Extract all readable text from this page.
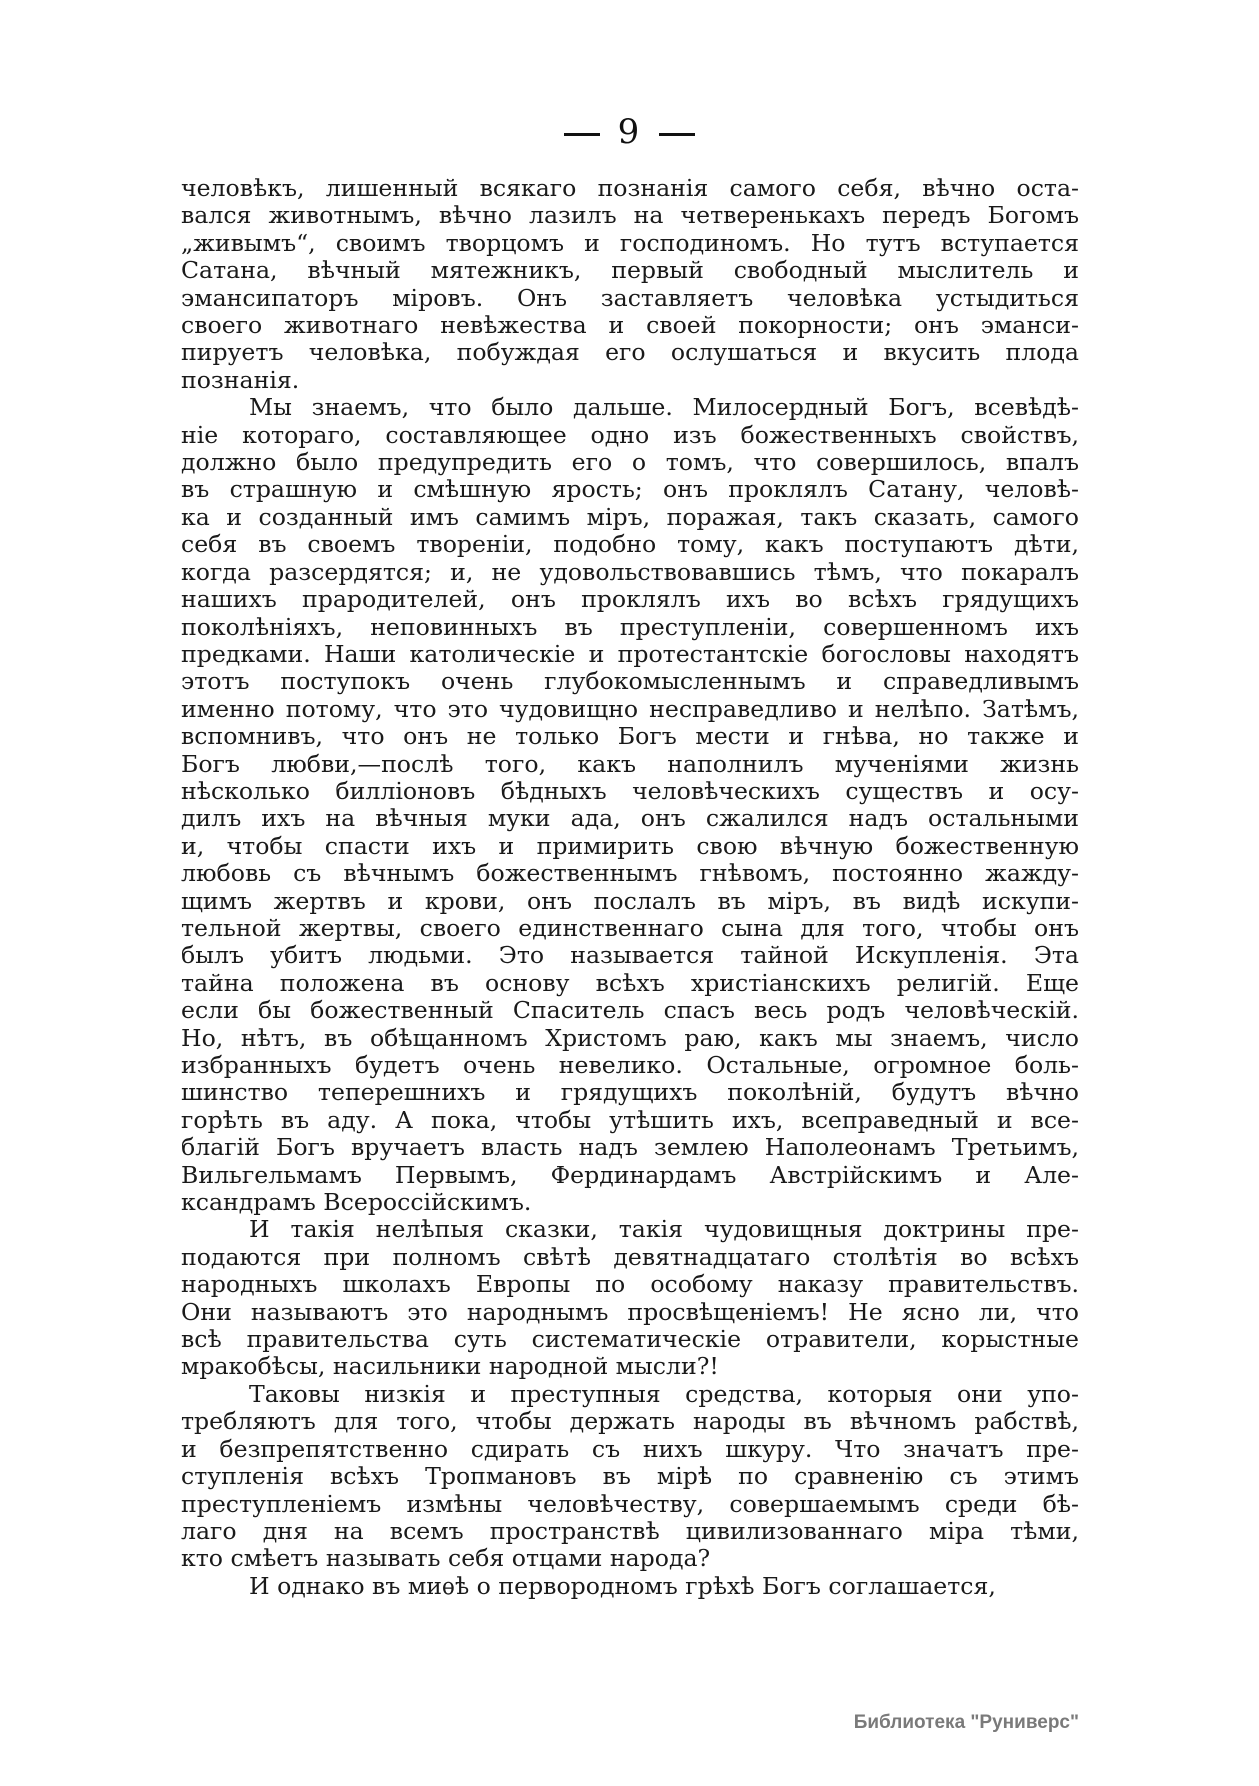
9
человѣкъ, лишенный всякаго познанія самого себя, вѣчно оста-
вался животнымъ, вѣчно лазилъ на четверенькахъ передъ Богомъ
„живымъ“, своимъ творцомъ и господиномъ. Но тутъ вступается
Сатана, вѣчный мятежникъ, первый свободный мыслитель и
эмансипаторъ міровъ. Онъ заставляетъ человѣка устыдиться
своего животнаго невѣжества и своей покорности; онъ эманси-
пируетъ человѣка, побуждая его ослушаться и вкусить плода
познанія.
Мы знаемъ, что было дальше. Милосердный Богъ, всевѣдѣ-
ніе котораго, составляющее одно изъ божественныхъ свойствъ,
должно было предупредить его о томъ, что совершилось, впалъ
въ страшную и смѣшную ярость; онъ проклялъ Сатану, человѣ-
ка и созданный имъ самимъ міръ, поражая, такъ сказать, самого
себя въ своемъ твореніи, подобно тому, какъ поступаютъ дѣти,
когда разсердятся; и, не удовольствовавшись тѣмъ, что покаралъ
нашихъ прародителей, онъ проклялъ ихъ во всѣхъ грядущихъ
поколѣніяхъ, неповинныхъ въ преступленіи, совершенномъ ихъ
предками. Наши католическіе и протестантскіе богословы находятъ
этотъ поступокъ очень глубокомысленнымъ и справедливымъ
именно потому, что это чудовищно несправедливо и нелѣпо. Затѣмъ,
вспомнивъ, что онъ не только Богъ мести и гнѣва, но также и
Богъ любви,—послѣ того, какъ наполнилъ мученіями жизнь
нѣсколько билліоновъ бѣдныхъ человѣческихъ существъ и осу-
дилъ ихъ на вѣчныя муки ада, онъ сжалился надъ остальными
и, чтобы спасти ихъ и примирить свою вѣчную божественную
любовь съ вѣчнымъ божественнымъ гнѣвомъ, постоянно жажду-
щимъ жертвъ и крови, онъ послалъ въ міръ, въ видѣ искупи-
тельной жертвы, своего единственнаго сына для того, чтобы онъ
былъ убитъ людьми. Это называется тайной Искупленія. Эта
тайна положена въ основу всѣхъ христіанскихъ религій. Еще
если бы божественный Спаситель спасъ весь родъ человѣческій.
Но, нѣтъ, въ обѣщанномъ Христомъ раю, какъ мы знаемъ, число
избранныхъ будетъ очень невелико. Остальные, огромное боль-
шинство теперешнихъ и грядущихъ поколѣній, будутъ вѣчно
горѣть въ аду. А пока, чтобы утѣшить ихъ, всеправедный и все-
благій Богъ вручаетъ власть надъ землею Наполеонамъ Третьимъ,
Вильгельмамъ Первымъ, Фердинардамъ Австрійскимъ и Але-
ксандрамъ Всероссійскимъ.
И такія нелѣпыя сказки, такія чудовищныя доктрины пре-
подаются при полномъ свѣтѣ девятнадцатаго столѣтія во всѣхъ
народныхъ школахъ Европы по особому наказу правительствъ.
Они называютъ это народнымъ просвѣщеніемъ! Не ясно ли, что
всѣ правительства суть систематическіе отравители, корыстные
мракобѣсы, насильники народной мысли?!
Таковы низкія и преступныя средства, которыя они упо-
требляютъ для того, чтобы держать народы въ вѣчномъ рабствѣ,
и безпрепятственно сдирать съ нихъ шкуру. Что значатъ пре-
ступленія всѣхъ Тропмановъ въ мірѣ по сравненію съ этимъ
преступленіемъ измѣны человѣчеству, совершаемымъ среди бѣ-
лаго дня на всемъ пространствѣ цивилизованнаго міра тѣми,
кто смѣетъ называть себя отцами народа?
И однако въ миѳѣ о первородномъ грѣхѣ Богъ соглашается,
Библиотека "Руниверс"
